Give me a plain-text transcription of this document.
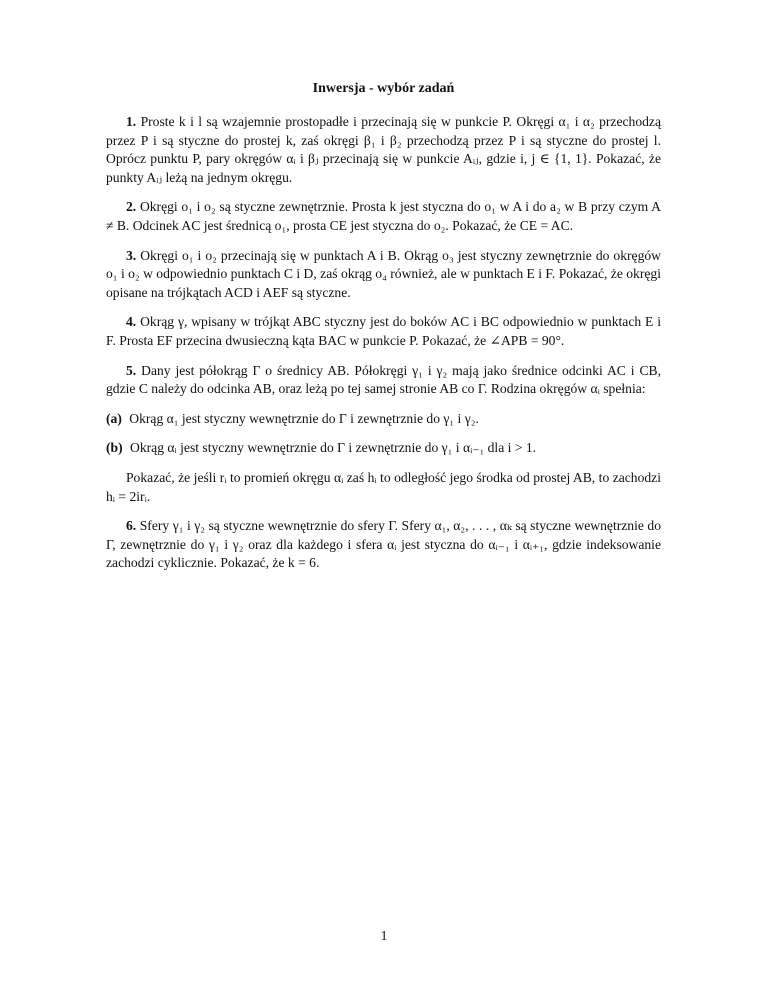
Inwersja - wybór zadań

1. Proste k i l są wzajemnie prostopadłe i przecinają się w punkcie P. Okręgi α₁ i α₂ przechodzą przez P i są styczne do prostej k, zaś okręgi β₁ i β₂ przechodzą przez P i są styczne do prostej l. Oprócz punktu P, pary okręgów αᵢ i βⱼ przecinają się w punkcie Aᵢⱼ, gdzie i, j ∈ {1, 1}. Pokazać, że punkty Aᵢⱼ leżą na jednym okręgu.

2. Okręgi o₁ i o₂ są styczne zewnętrznie. Prosta k jest styczna do o₁ w A i do a₂ w B przy czym A ≠ B. Odcinek AC jest średnicą o₁, prosta CE jest styczna do o₂. Pokazać, że CE = AC.

3. Okręgi o₁ i o₂ przecinają się w punktach A i B. Okrąg o₃ jest styczny zewnętrznie do okręgów o₁ i o₂ w odpowiednio punktach C i D, zaś okrąg o₄ również, ale w punktach E i F. Pokazać, że okręgi opisane na trójkątach ACD i AEF są styczne.

4. Okrąg γ, wpisany w trójkąt ABC styczny jest do boków AC i BC odpowiednio w punktach E i F. Prosta EF przecina dwusieczną kąta BAC w punkcie P. Pokazać, że ∠APB = 90°.

5. Dany jest półokrąg Γ o średnicy AB. Półokręgi γ₁ i γ₂ mają jako średnice odcinki AC i CB, gdzie C należy do odcinka AB, oraz leżą po tej samej stronie AB co Γ. Rodzina okręgów αᵢ spełnia:

(a) Okrąg α₁ jest styczny wewnętrznie do Γ i zewnętrznie do γ₁ i γ₂.

(b) Okrąg αᵢ jest styczny wewnętrznie do Γ i zewnętrznie do γ₁ i αᵢ₋₁ dla i > 1.

Pokazać, że jeśli rᵢ to promień okręgu αᵢ zaś hᵢ to odległość jego środka od prostej AB, to zachodzi hᵢ = 2irᵢ.

6. Sfery γ₁ i γ₂ są styczne wewnętrznie do sfery Γ. Sfery α₁, α₂, . . . , αₖ są styczne wewnętrznie do Γ, zewnętrznie do γ₁ i γ₂ oraz dla każdego i sfera αᵢ jest styczna do αᵢ₋₁ i αᵢ₊₁, gdzie indeksowanie zachodzi cyklicznie. Pokazać, że k = 6.

1
